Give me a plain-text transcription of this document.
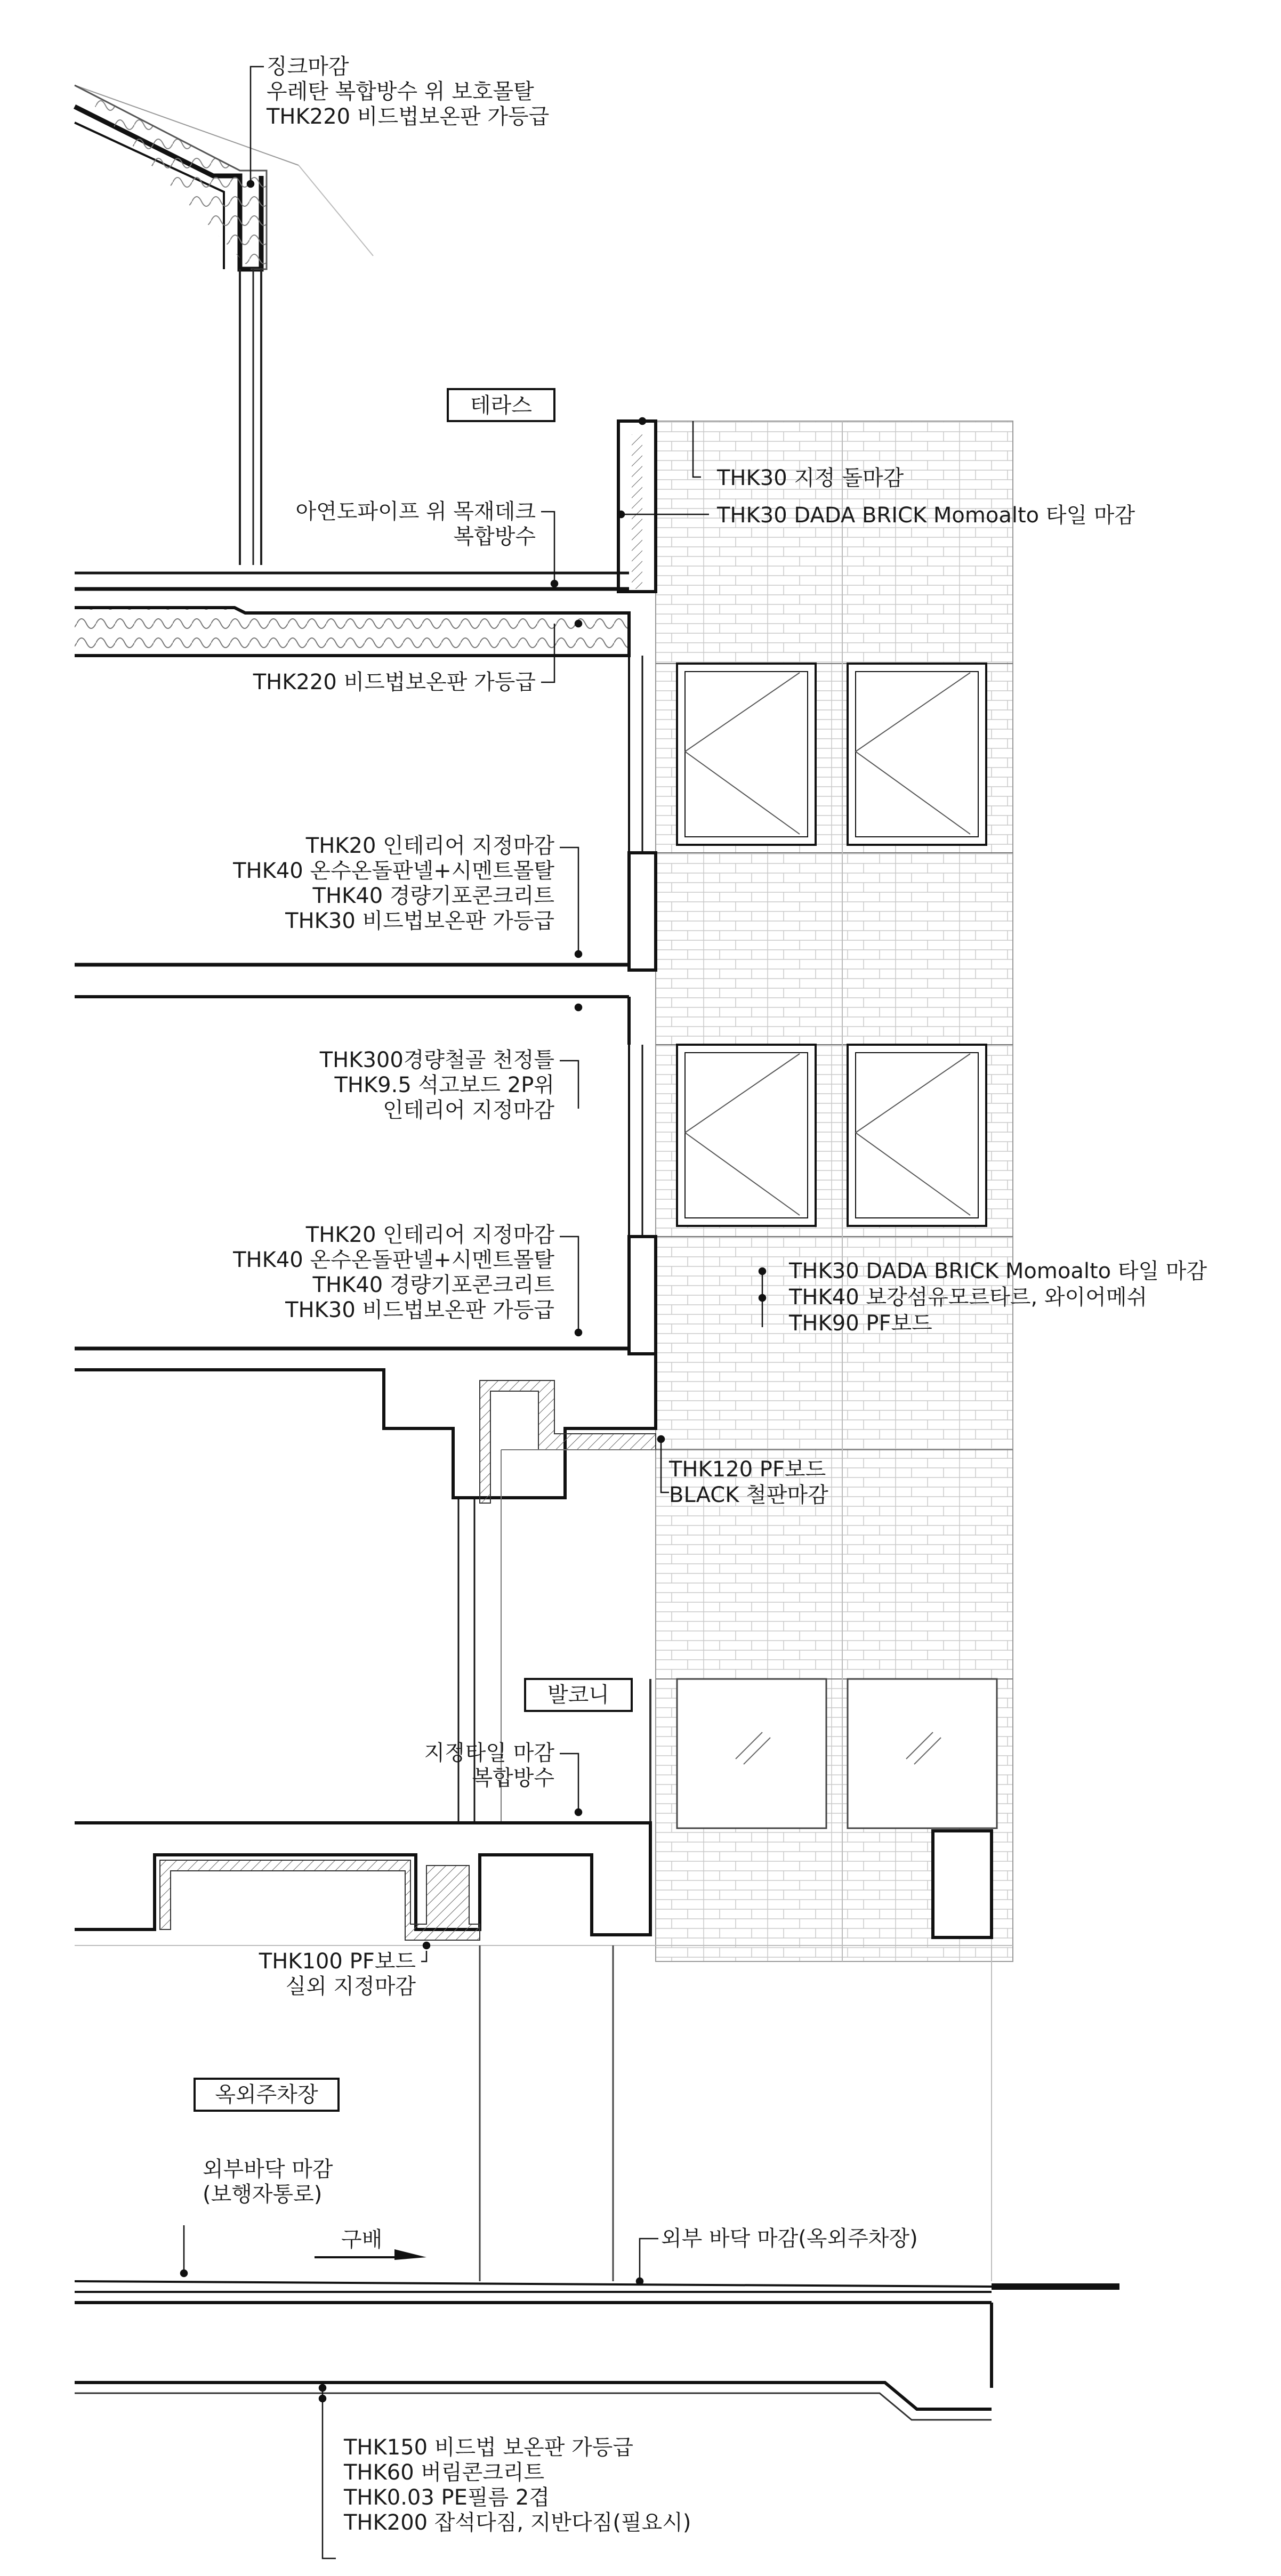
구배
테라스
발코니
옥외주차장
징크마감
우레탄 복합방수 위 보호몰탈
THK220 비드법보온판 가등급
THK30 지정 돌마감
THK30 DADA BRICK Momoalto 타일 마감
아연도파이프 위 목재데크
복합방수
THK220 비드법보온판 가등급
THK20 인테리어 지정마감
THK40 온수온돌판넬+시멘트몰탈
THK40 경량기포콘크리트
THK30 비드법보온판 가등급
THK300경량철골 천정틀
THK9.5 석고보드 2P위
인테리어 지정마감
THK20 인테리어 지정마감
THK40 온수온돌판넬+시멘트몰탈
THK40 경량기포콘크리트
THK30 비드법보온판 가등급
THK30 DADA BRICK Momoalto 타일 마감
THK40 보강섬유모르타르, 와이어메쉬
THK90 PF보드
THK120 PF보드
BLACK 철판마감
지정타일 마감
복합방수
THK100 PF보드
실외 지정마감
외부바닥 마감
(보행자통로)
외부 바닥 마감(옥외주차장)
THK150 비드법 보온판 가등급
THK60 버림콘크리트
THK0.03 PE필름 2겹
THK200 잡석다짐, 지반다짐(필요시)
